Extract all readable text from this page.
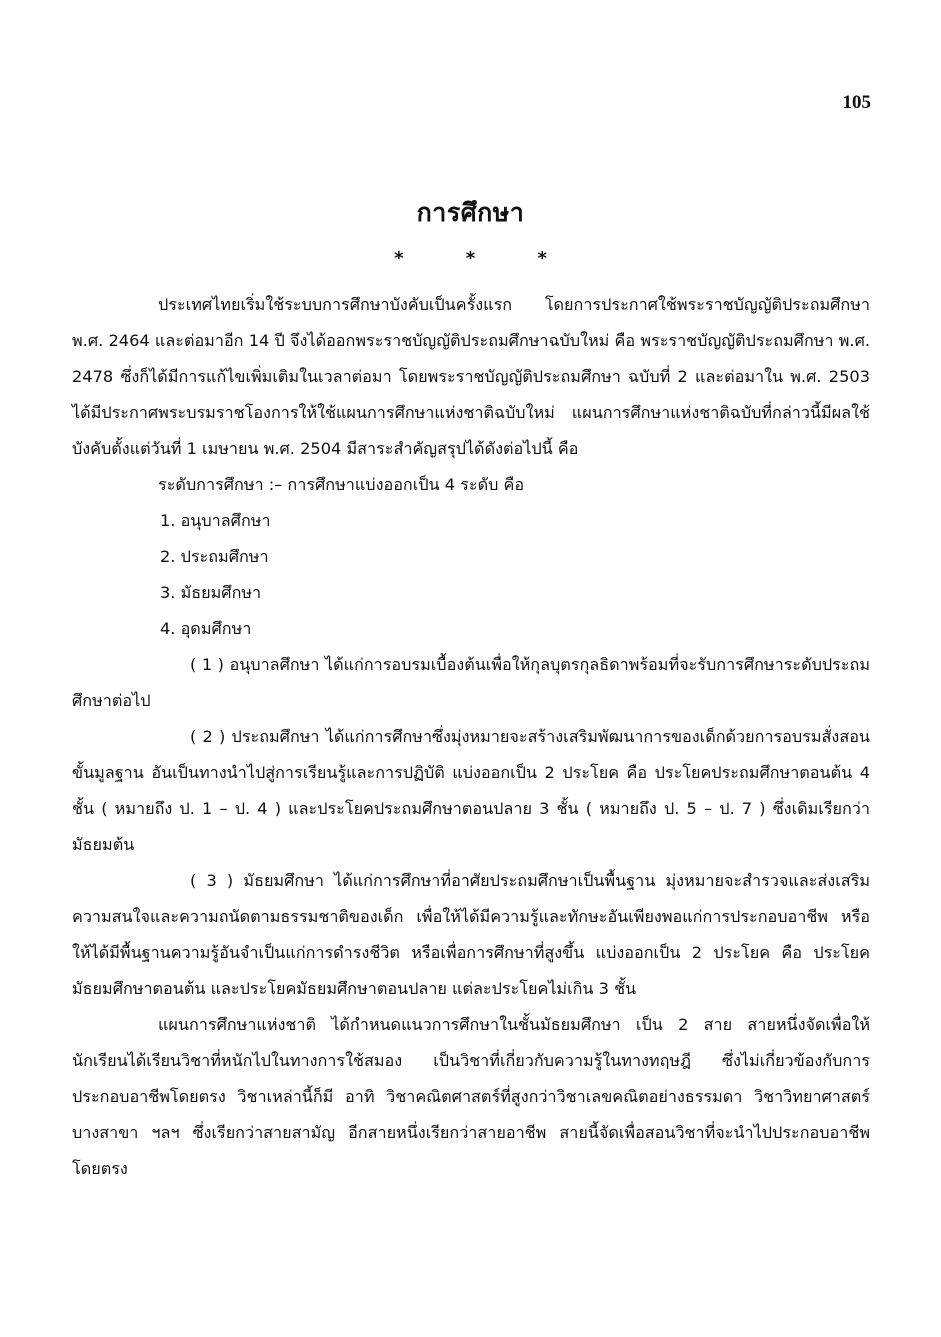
105
การศึกษา
* * *

ประเทศไทยเริ่มใช้ระบบการศึกษาบังคับเป็นครั้งแรก โดยการประกาศใช้พระราชบัญญัติประถมศึกษา พ.ศ. 2464 และต่อมาอีก 14 ปี จึงได้ออกพระราชบัญญัติประถมศึกษาฉบับใหม่ คือ พระราชบัญญัติประถมศึกษา พ.ศ. 2478 ซึ่งก็ได้มีการแก้ไขเพิ่มเติมในเวลาต่อมา โดยพระราชบัญญัติประถมศึกษา ฉบับที่ 2 และต่อมาใน พ.ศ. 2503 ได้มีประกาศพระบรมราชโองการให้ใช้แผนการศึกษาแห่งชาติฉบับใหม่ แผนการศึกษาแห่งชาติฉบับที่กล่าวนี้มีผลใช้บังคับตั้งแต่วันที่ 1 เมษายน พ.ศ. 2504 มีสาระสำคัญสรุปได้ดังต่อไปนี้ คือ

ระดับการศึกษา :– การศึกษาแบ่งออกเป็น 4 ระดับ คือ

1. อนุบาลศึกษา

2. ประถมศึกษา

3. มัธยมศึกษา

4. อุดมศึกษา

( 1 ) อนุบาลศึกษา ได้แก่การอบรมเบื้องต้นเพื่อให้กุลบุตรกุลธิดาพร้อมที่จะรับการศึกษาระดับประถมศึกษาต่อไป

( 2 ) ประถมศึกษา ได้แก่การศึกษาซึ่งมุ่งหมายจะสร้างเสริมพัฒนาการของเด็กด้วยการอบรมสั่งสอนขั้นมูลฐาน อันเป็นทางนำไปสู่การเรียนรู้และการปฏิบัติ แบ่งออกเป็น 2 ประโยค คือ ประโยคประถมศึกษาตอนต้น 4 ชั้น ( หมายถึง ป. 1 – ป. 4 ) และประโยคประถมศึกษาตอนปลาย 3 ชั้น ( หมายถึง ป. 5 – ป. 7 ) ซึ่งเดิมเรียกว่ามัธยมต้น

( 3 ) มัธยมศึกษา ได้แก่การศึกษาที่อาศัยประถมศึกษาเป็นพื้นฐาน มุ่งหมายจะสำรวจและส่งเสริมความสนใจและความถนัดตามธรรมชาติของเด็ก เพื่อให้ได้มีความรู้และทักษะอันเพียงพอแก่การประกอบอาชีพ หรือให้ได้มีพื้นฐานความรู้อันจำเป็นแก่การดำรงชีวิต หรือเพื่อการศึกษาที่สูงขึ้น แบ่งออกเป็น 2 ประโยค คือ ประโยคมัธยมศึกษาตอนต้น และประโยคมัธยมศึกษาตอนปลาย แต่ละประโยคไม่เกิน 3 ชั้น

แผนการศึกษาแห่งชาติ ได้กำหนดแนวการศึกษาในชั้นมัธยมศึกษา เป็น 2 สาย สายหนึ่งจัดเพื่อให้นักเรียนได้เรียนวิชาที่หนักไปในทางการใช้สมอง เป็นวิชาที่เกี่ยวกับความรู้ในทางทฤษฎี ซึ่งไม่เกี่ยวข้องกับการประกอบอาชีพโดยตรง วิชาเหล่านี้ก็มี อาทิ วิชาคณิตศาสตร์ที่สูงกว่าวิชาเลขคณิตอย่างธรรมดา วิชาวิทยาศาสตร์บางสาขา ฯลฯ ซึ่งเรียกว่าสายสามัญ อีกสายหนึ่งเรียกว่าสายอาชีพ สายนี้จัดเพื่อสอนวิชาที่จะนำไปประกอบอาชีพโดยตรง
